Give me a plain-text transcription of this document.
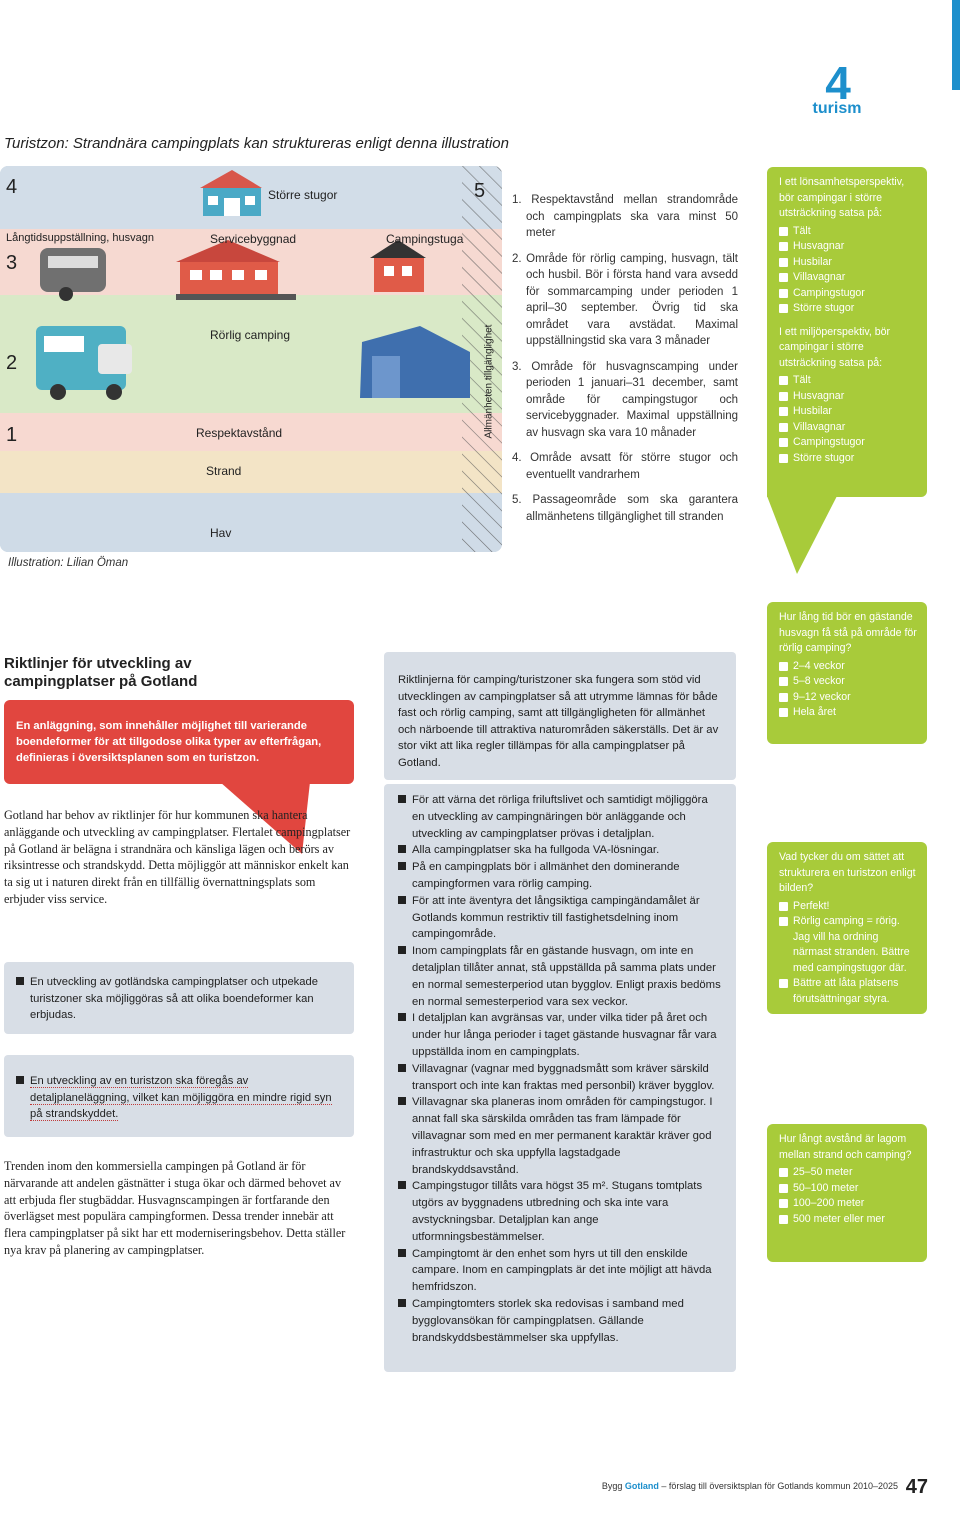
4
turism
Turistzon: Strandnära campingplats kan struktureras enligt denna illustration
4
3
2
1
5
Större stugor
Långtidsuppställning, husvagn	Servicebyggnad	Campingstuga
Rörlig camping
Respektavstånd
Strand
Hav
Allmänheten tillgänglighet
Illustration: Lilian Öman
1. Respektavstånd mellan strandområde och campingplats ska vara minst 50 meter
2. Område för rörlig camping, husvagn, tält och husbil. Bör i första hand vara avsedd för sommarcamping under perioden 1 april–30 september. Övrig tid ska området vara avstädat. Maximal uppställningstid ska vara 3 månader
3. Område för husvagnscamping under perioden 1 januari–31 december, samt område för campingstugor och servicebyggnader. Maximal uppställning av husvagn ska vara 10 månader
4. Område avsatt för större stugor och eventuellt vandrarhem
5. Passageområde som ska garantera allmänhetens tillgänglighet till stranden
I ett lönsamhetsperspektiv, bör campingar i större utsträckning satsa på:
Tält
Husvagnar
Husbilar
Villavagnar
Campingstugor
Större stugor
I ett miljöperspektiv, bör campingar i större utsträckning satsa på:
Tält
Husvagnar
Husbilar
Villavagnar
Campingstugor
Större stugor
Riktlinjer för utveckling av campingplatser på Gotland
En anläggning, som innehåller möjlighet till varierande boendeformer för att tillgodose olika typer av efterfrågan, definieras i översiktsplanen som en turistzon.
Gotland har behov av riktlinjer för hur kommunen ska hantera anläggande och utveckling av campingplatser. Flertalet campingplatser på Gotland är belägna i strandnära och känsliga lägen och berörs av riksintresse och strandskydd. Detta möjliggör att människor enkelt kan ta sig ut i naturen direkt från en tillfällig övernattningsplats som erbjuder viss service.
En utveckling av gotländska campingplatser och utpekade turistzoner ska möjliggöras så att olika boendeformer kan erbjudas.
En utveckling av en turistzon ska föregås av detaljplaneläggning, vilket kan möjliggöra en mindre rigid syn på strandskyddet.
Trenden inom den kommersiella campingen på Gotland är för närvarande att andelen gästnätter i stuga ökar och därmed behovet av att erbjuda fler stugbäddar. Husvagnscampingen är fortfarande den överlägset mest populära campingformen. Dessa trender innebär att flera campingplatser på sikt har ett moderniseringsbehov. Detta ställer nya krav på planering av campingplatser.
Riktlinjerna för camping/turistzoner ska fungera som stöd vid utvecklingen av campingplatser så att utrymme lämnas för både fast och rörlig camping, samt att tillgängligheten för allmänhet och närboende till attraktiva naturområden säkerställs. Det är av stor vikt att lika regler tillämpas för alla campingplatser på Gotland.
För att värna det rörliga friluftslivet och samtidigt möjliggöra en utveckling av campingnäringen bör anläggande och utveckling av campingplatser prövas i detaljplan.
Alla campingplatser ska ha fullgoda VA-lösningar.
På en campingplats bör i allmänhet den dominerande campingformen vara rörlig camping.
För att inte äventyra det långsiktiga campingändamålet är Gotlands kommun restriktiv till fastighetsdelning inom campingområde.
Inom campingplats får en gästande husvagn, om inte en detaljplan tillåter annat, stå uppställda på samma plats under en normal semesterperiod utan bygglov. Enligt praxis bedöms en normal semesterperiod vara sex veckor.
I detaljplan kan avgränsas var, under vilka tider på året och under hur långa perioder i taget gästande husvagnar får vara uppställda inom en campingplats.
Villavagnar (vagnar med byggnadsmått som kräver särskild transport och inte kan fraktas med personbil) kräver bygglov.
Villavagnar ska planeras inom områden för campingstugor. I annat fall ska särskilda områden tas fram lämpade för villavagnar som med en mer permanent karaktär kräver god infrastruktur och ska uppfylla lagstadgade brandskyddsavstånd.
Campingstugor tillåts vara högst 35 m². Stugans tomtplats utgörs av byggnadens utbredning och ska inte vara avstyckningsbar. Detaljplan kan ange utformningsbestämmelser.
Campingtomt är den enhet som hyrs ut till den enskilde campare. Inom en campingplats är det inte möjligt att hävda hemfridszon.
Campingtomters storlek ska redovisas i samband med bygglovansökan för campingplatsen. Gällande brandskyddsbestämmelser ska uppfyllas.
Hur lång tid bör en gästande husvagn få stå på område för rörlig camping?
2–4 veckor
5–8 veckor
9–12 veckor
Hela året
Vad tycker du om sättet att strukturera en turistzon enligt bilden?
Perfekt!
Rörlig camping = rörig. Jag vill ha ordning närmast stranden. Bättre med campingstugor där.
Bättre att låta platsens förutsättningar styra.
Hur långt avstånd är lagom mellan strand och camping?
25–50 meter
50–100 meter
100–200 meter
500 meter eller mer
Bygg Gotland – förslag till översiktsplan för Gotlands kommun 2010–2025 47
